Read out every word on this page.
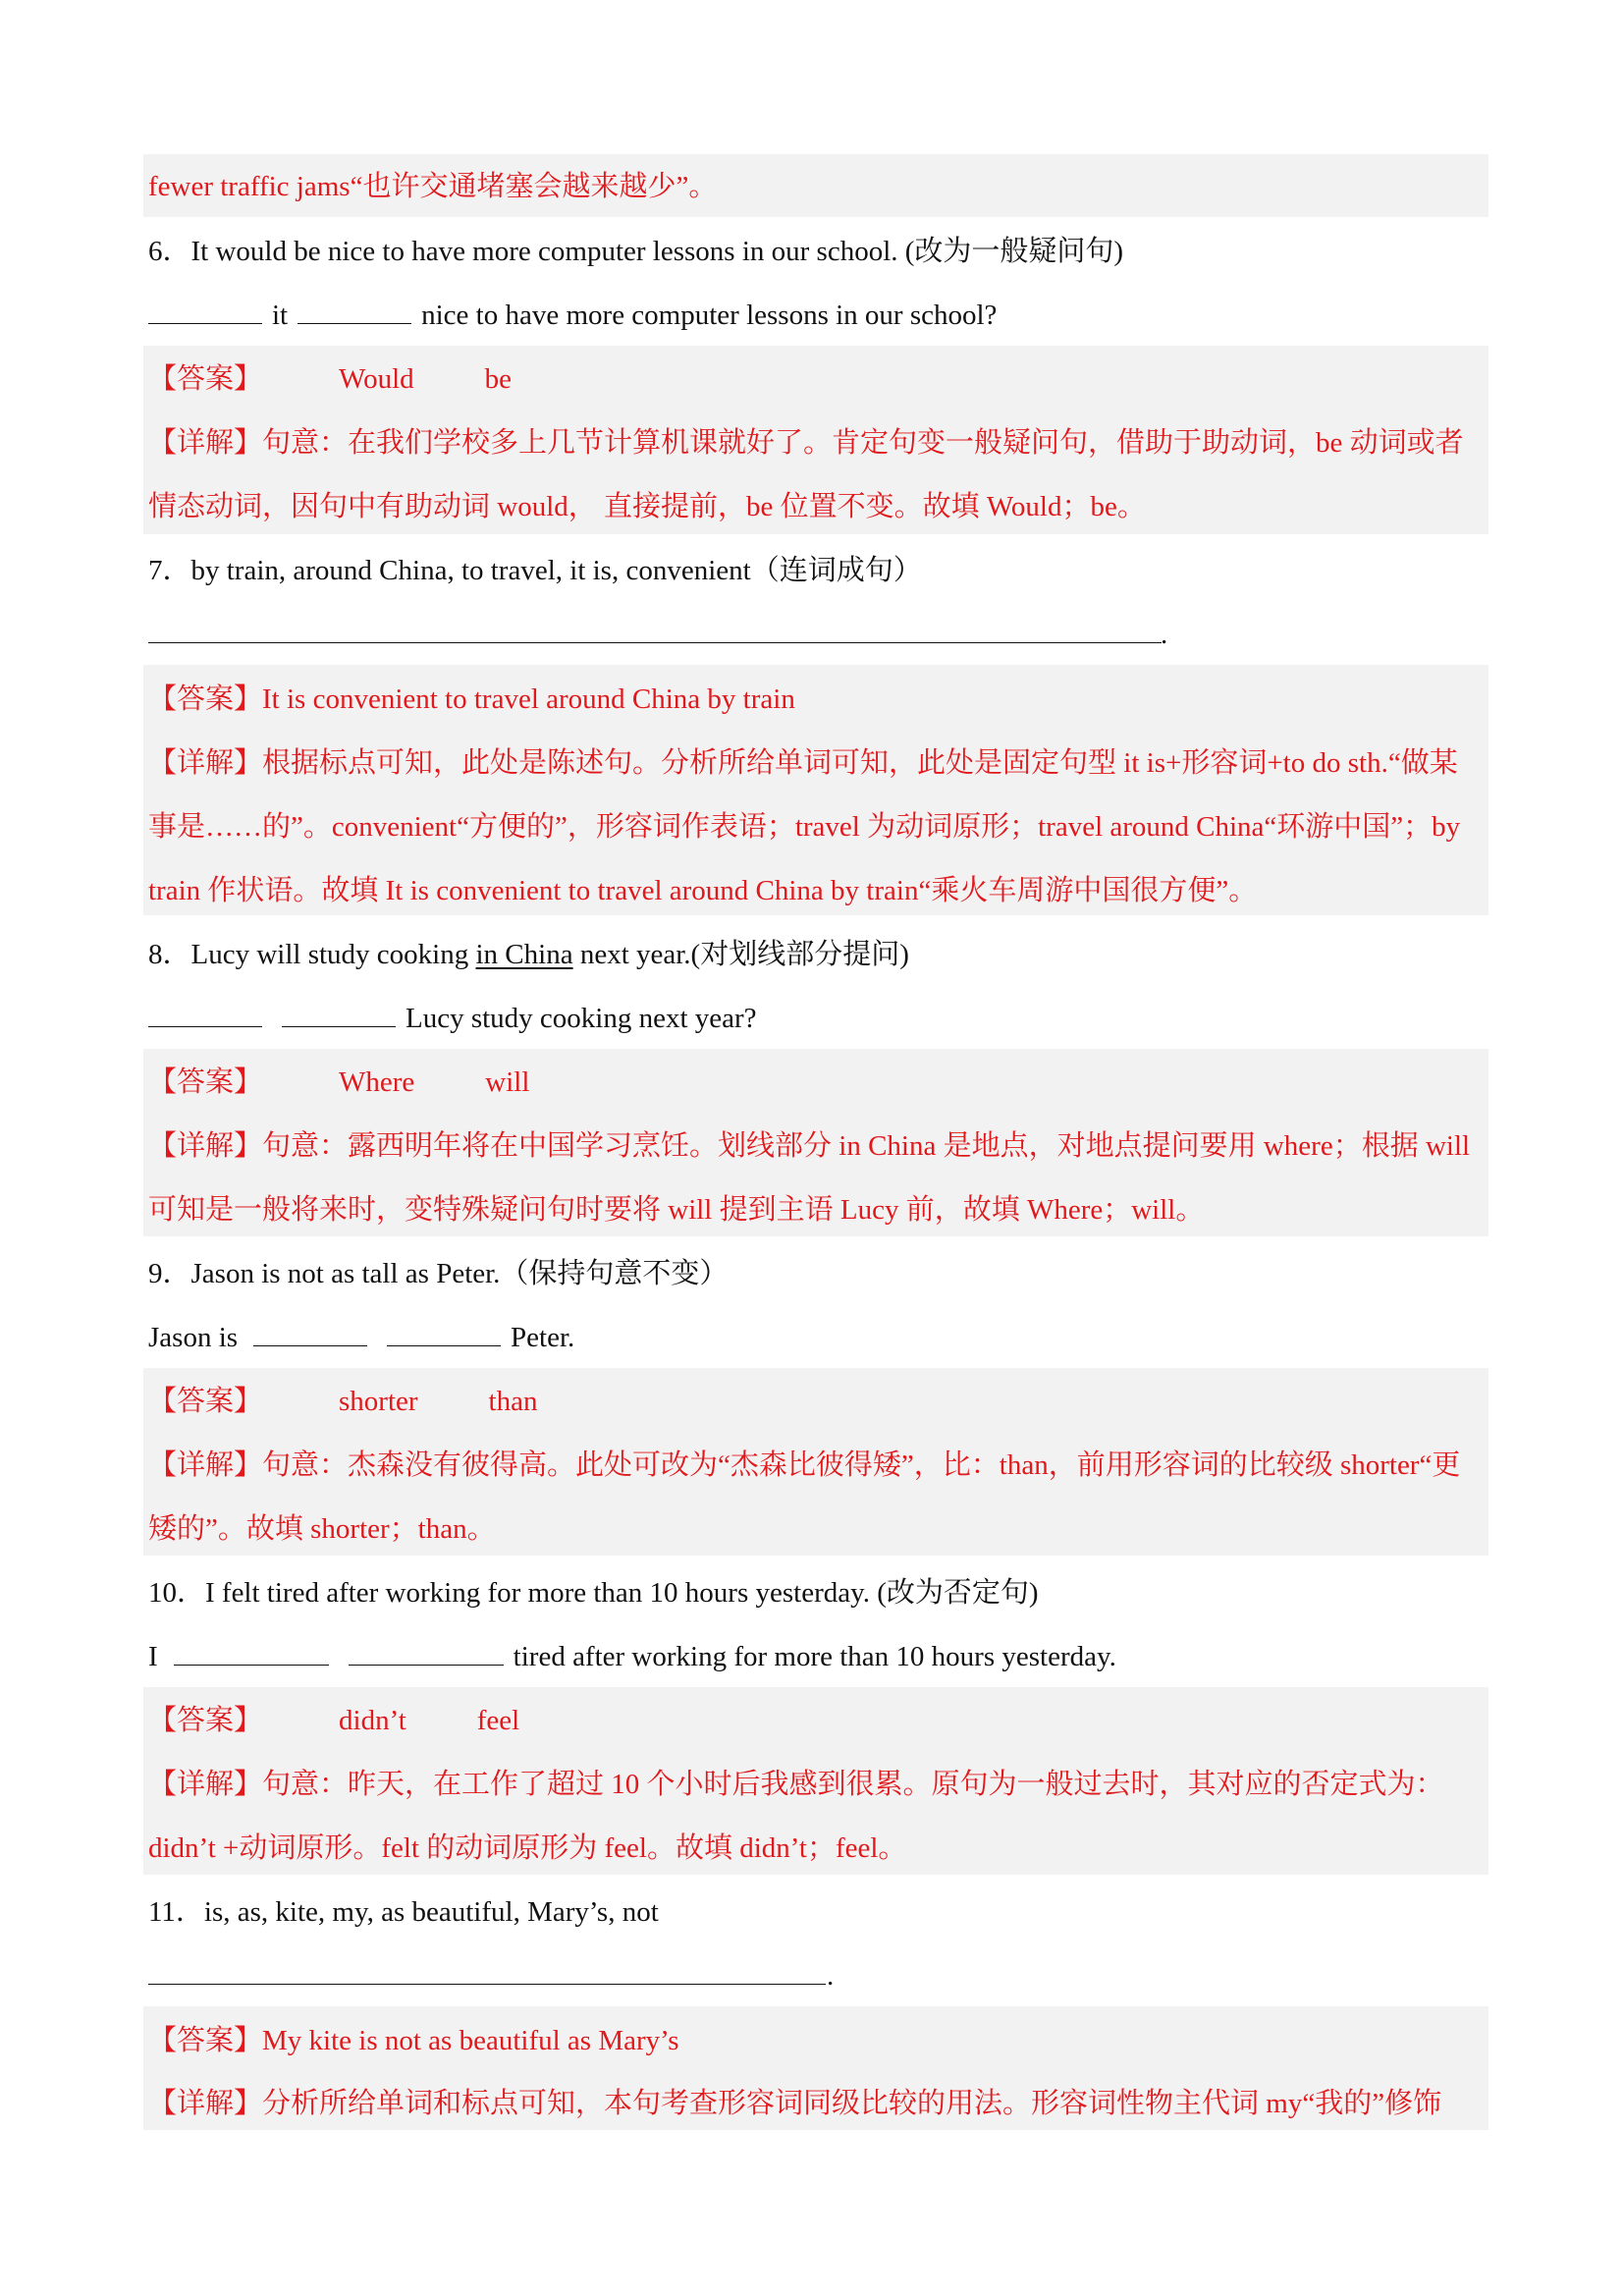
fewer traffic jams“也许交通堵塞会越来越少”。
6．It would be nice to have more computer lessons in our school. (改为一般疑问句)
it	nice to have more computer lessons in our school?
【答案】	Would be
【详解】句意：在我们学校多上几节计算机课就好了。肯定句变一般疑问句，借助于助动词，be 动词或者
情态动词，因句中有助动词 would， 直接提前，be 位置不变。故填 Would；be。
7．by train, around China, to travel, it is, convenient（连词成句）
.
【答案】It is convenient to travel around China by train
【详解】根据标点可知，此处是陈述句。分析所给单词可知，此处是固定句型 it is+形容词+to do sth.“做某
事是……的”。convenient“方便的”，形容词作表语；travel 为动词原形；travel around China“环游中国”；by
train 作状语。故填 It is convenient to travel around China by train“乘火车周游中国很方便”。
8．Lucy will study cooking in China next year.(对划线部分提问)
Lucy study cooking next year?
【答案】	Where will
【详解】句意：露西明年将在中国学习烹饪。划线部分 in China 是地点，对地点提问要用 where；根据 will
可知是一般将来时，变特殊疑问句时要将 will 提到主语 Lucy 前，故填 Where；will。
9．Jason is not as tall as Peter.（保持句意不变）
Jason is	Peter.
【答案】	shorter than
【详解】句意：杰森没有彼得高。此处可改为“杰森比彼得矮”，比：than，前用形容词的比较级 shorter“更
矮的”。故填 shorter；than。
10．I felt tired after working for more than 10 hours yesterday. (改为否定句)
I	tired after working for more than 10 hours yesterday.
【答案】	didn’t feel
【详解】句意：昨天，在工作了超过 10 个小时后我感到很累。原句为一般过去时，其对应的否定式为：
didn’t +动词原形。felt 的动词原形为 feel。故填 didn’t；feel。
11．is, as, kite, my, as beautiful, Mary’s, not
.
【答案】My kite is not as beautiful as Mary’s
【详解】分析所给单词和标点可知，本句考查形容词同级比较的用法。形容词性物主代词 my“我的”修饰
